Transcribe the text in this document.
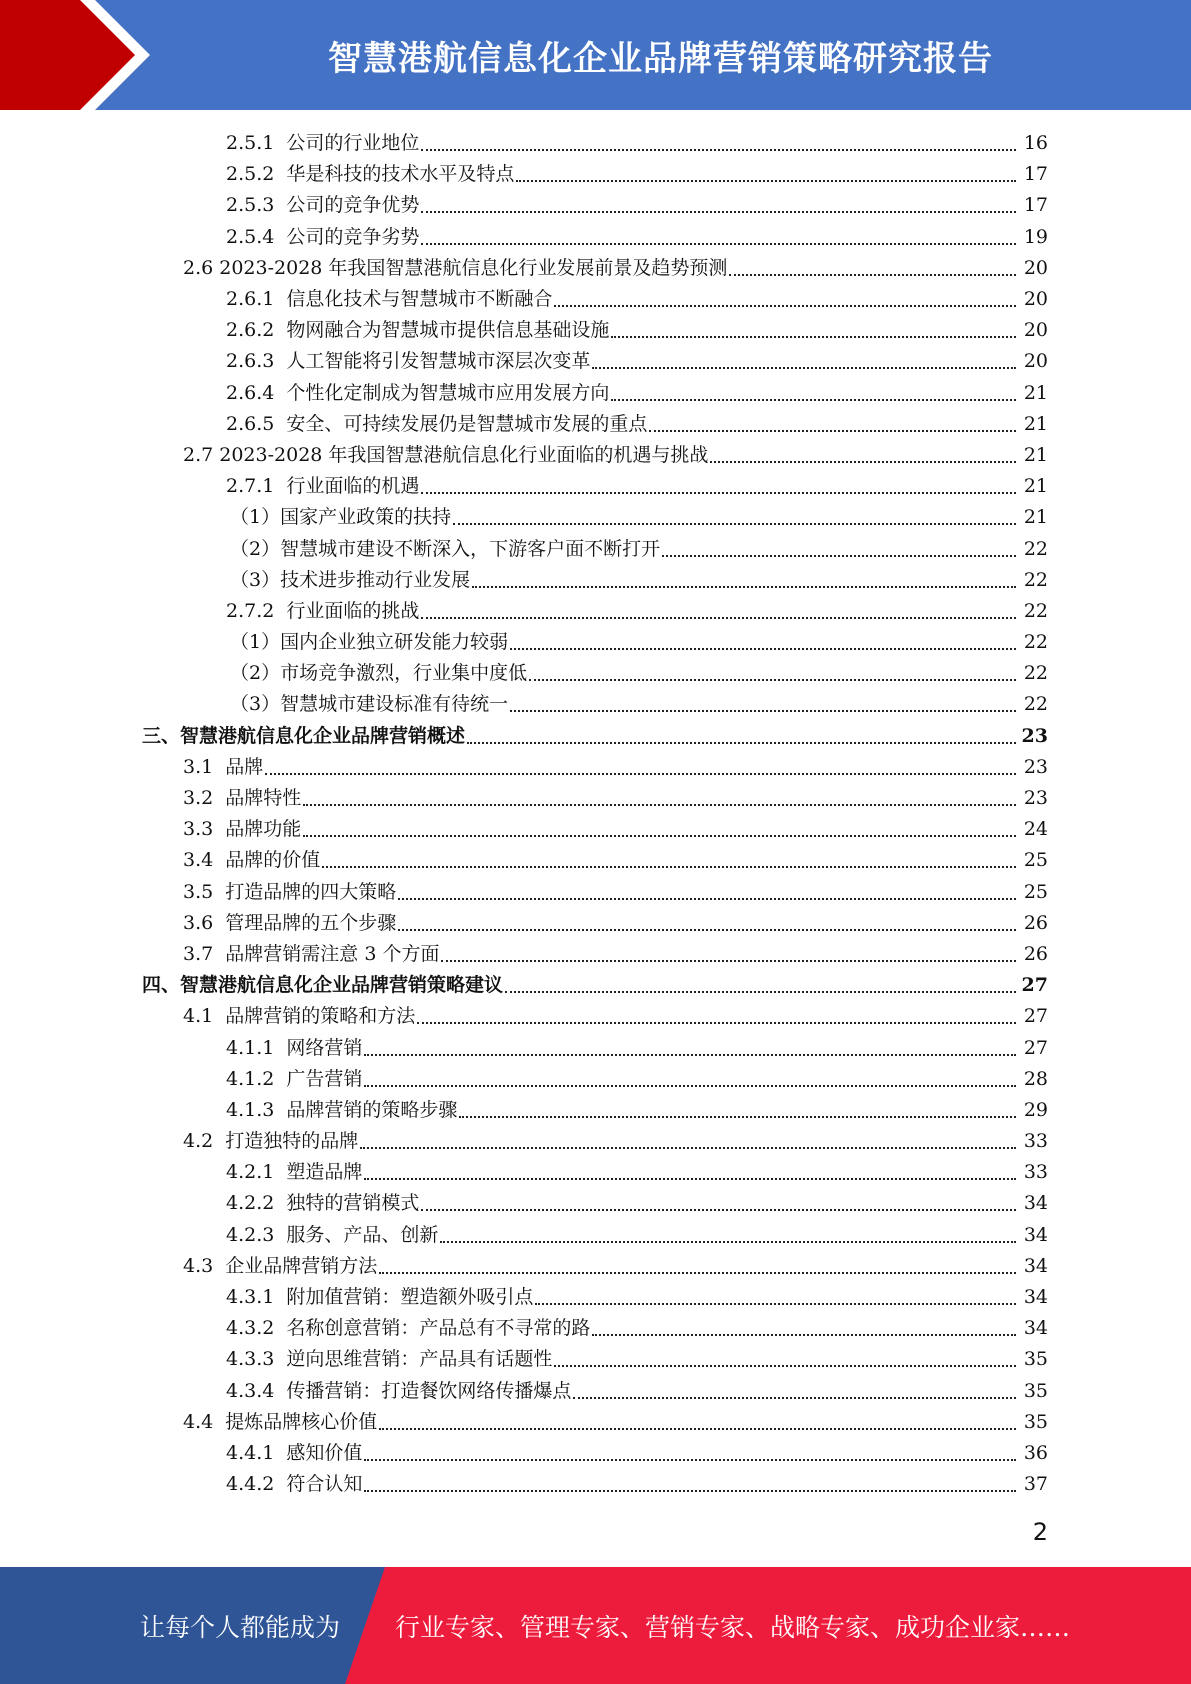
智慧港航信息化企业品牌营销策略研究报告
2.5.1  公司的行业地位	16
2.5.2  华是科技的技术水平及特点	17
2.5.3  公司的竞争优势	17
2.5.4  公司的竞争劣势	19
2.6 2023-2028 年我国智慧港航信息化行业发展前景及趋势预测	20
2.6.1  信息化技术与智慧城市不断融合	20
2.6.2  物网融合为智慧城市提供信息基础设施	20
2.6.3  人工智能将引发智慧城市深层次变革	20
2.6.4  个性化定制成为智慧城市应用发展方向	21
2.6.5  安全、可持续发展仍是智慧城市发展的重点	21
2.7 2023-2028 年我国智慧港航信息化行业面临的机遇与挑战	21
2.7.1  行业面临的机遇	21
（1）国家产业政策的扶持	21
（2）智慧城市建设不断深入，下游客户面不断打开	22
（3）技术进步推动行业发展	22
2.7.2  行业面临的挑战	22
（1）国内企业独立研发能力较弱	22
（2）市场竞争激烈，行业集中度低	22
（3）智慧城市建设标准有待统一	22
三、智慧港航信息化企业品牌营销概述	23
3.1  品牌	23
3.2  品牌特性	23
3.3  品牌功能	24
3.4  品牌的价值	25
3.5  打造品牌的四大策略	25
3.6  管理品牌的五个步骤	26
3.7  品牌营销需注意 3 个方面	26
四、智慧港航信息化企业品牌营销策略建议	27
4.1  品牌营销的策略和方法	27
4.1.1  网络营销	27
4.1.2  广告营销	28
4.1.3  品牌营销的策略步骤	29
4.2  打造独特的品牌	33
4.2.1  塑造品牌	33
4.2.2  独特的营销模式	34
4.2.3  服务、产品、创新	34
4.3  企业品牌营销方法	34
4.3.1  附加值营销：塑造额外吸引点	34
4.3.2  名称创意营销：产品总有不寻常的路	34
4.3.3  逆向思维营销：产品具有话题性	35
4.3.4  传播营销：打造餐饮网络传播爆点	35
4.4  提炼品牌核心价值	35
4.4.1  感知价值	36
4.4.2  符合认知	37
2
让每个人都能成为 行业专家、管理专家、营销专家、战略专家、成功企业家……
